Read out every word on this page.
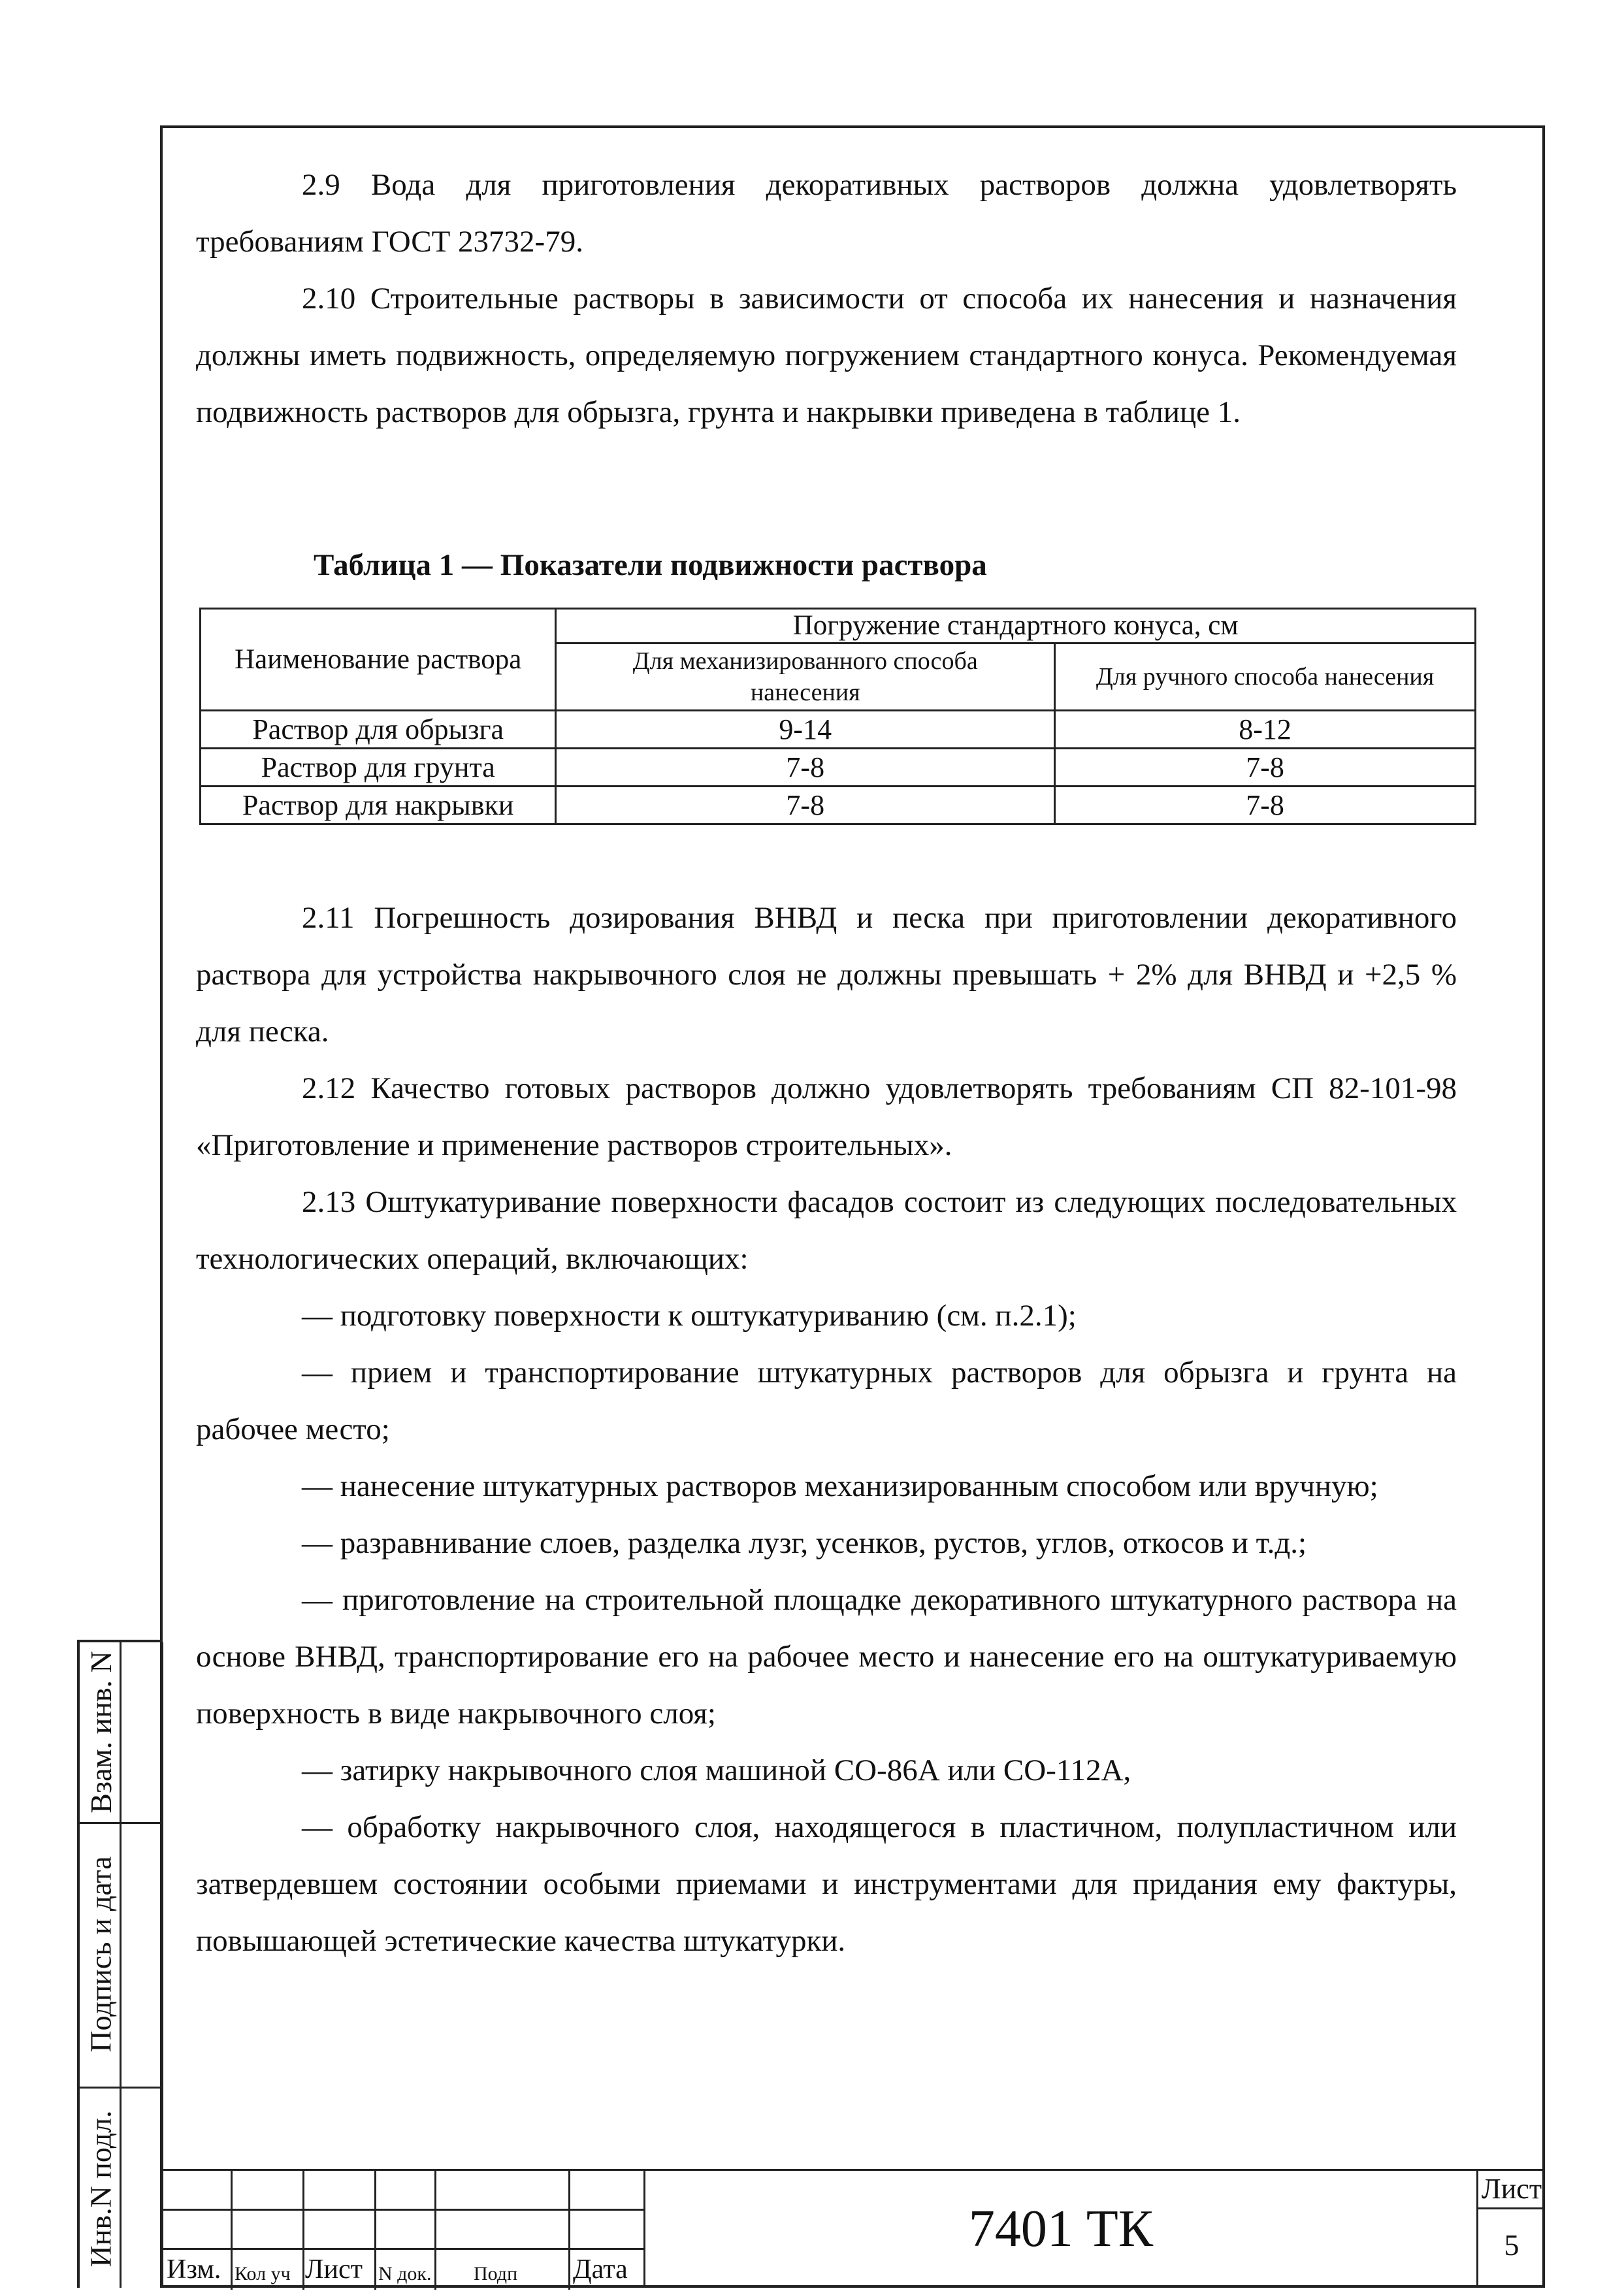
2.9 Вода для приготовления декоративных растворов должна удовлетворять требованиям ГОСТ 23732-79.

2.10 Строительные растворы в зависимости от способа их нанесения и назначения должны иметь подвижность, определяемую погружением стандартного конуса. Рекомендуемая подвижность растворов для обрызга, грунта и накрывки приведена в таблице 1.

Таблица 1 — Показатели подвижности раствора
Наименование раствора	Погружение стандартного конуса, см	
	Для механизированного способа нанесения	Для ручного способа нанесения
Раствор для обрызга	9-14	8-12
Раствор для грунта	7-8	7-8
Раствор для накрывки	7-8	7-8

2.11 Погрешность дозирования ВНВД и песка при приготовлении декоративного раствора для устройства накрывочного слоя не должны превышать + 2% для ВНВД и +2,5 % для песка.

2.12 Качество готовых растворов должно удовлетворять требованиям СП 82-101-98 «Приготовление и применение растворов строительных».

2.13 Оштукатуривание поверхности фасадов состоит из следующих последовательных технологических операций, включающих:

— подготовку поверхности к оштукатуриванию (см. п.2.1);

— прием и транспортирование штукатурных растворов для обрызга и грунта на рабочее место;

— нанесение штукатурных растворов механизированным способом или вручную;

— разравнивание слоев, разделка лузг, усенков, рустов, углов, откосов и т.д.;

— приготовление на строительной площадке декоративного штукатурного раствора на основе ВНВД, транспортирование его на рабочее место и нанесение его на оштукатуриваемую поверхность в виде накрывочного слоя;

— затирку накрывочного слоя машиной СО-86А или СО-112А,

— обработку накрывочного слоя, находящегося в пластичном, полупластичном или затвердевшем состоянии особыми приемами и инструментами для придания ему фактуры, повышающей эстетические качества штукатурки.

Взам. инв. N
Подпись и дата
Инв.N подл.
Изм. Кол уч Лист N док. Подп Дата
7401 ТК
Лист
5
